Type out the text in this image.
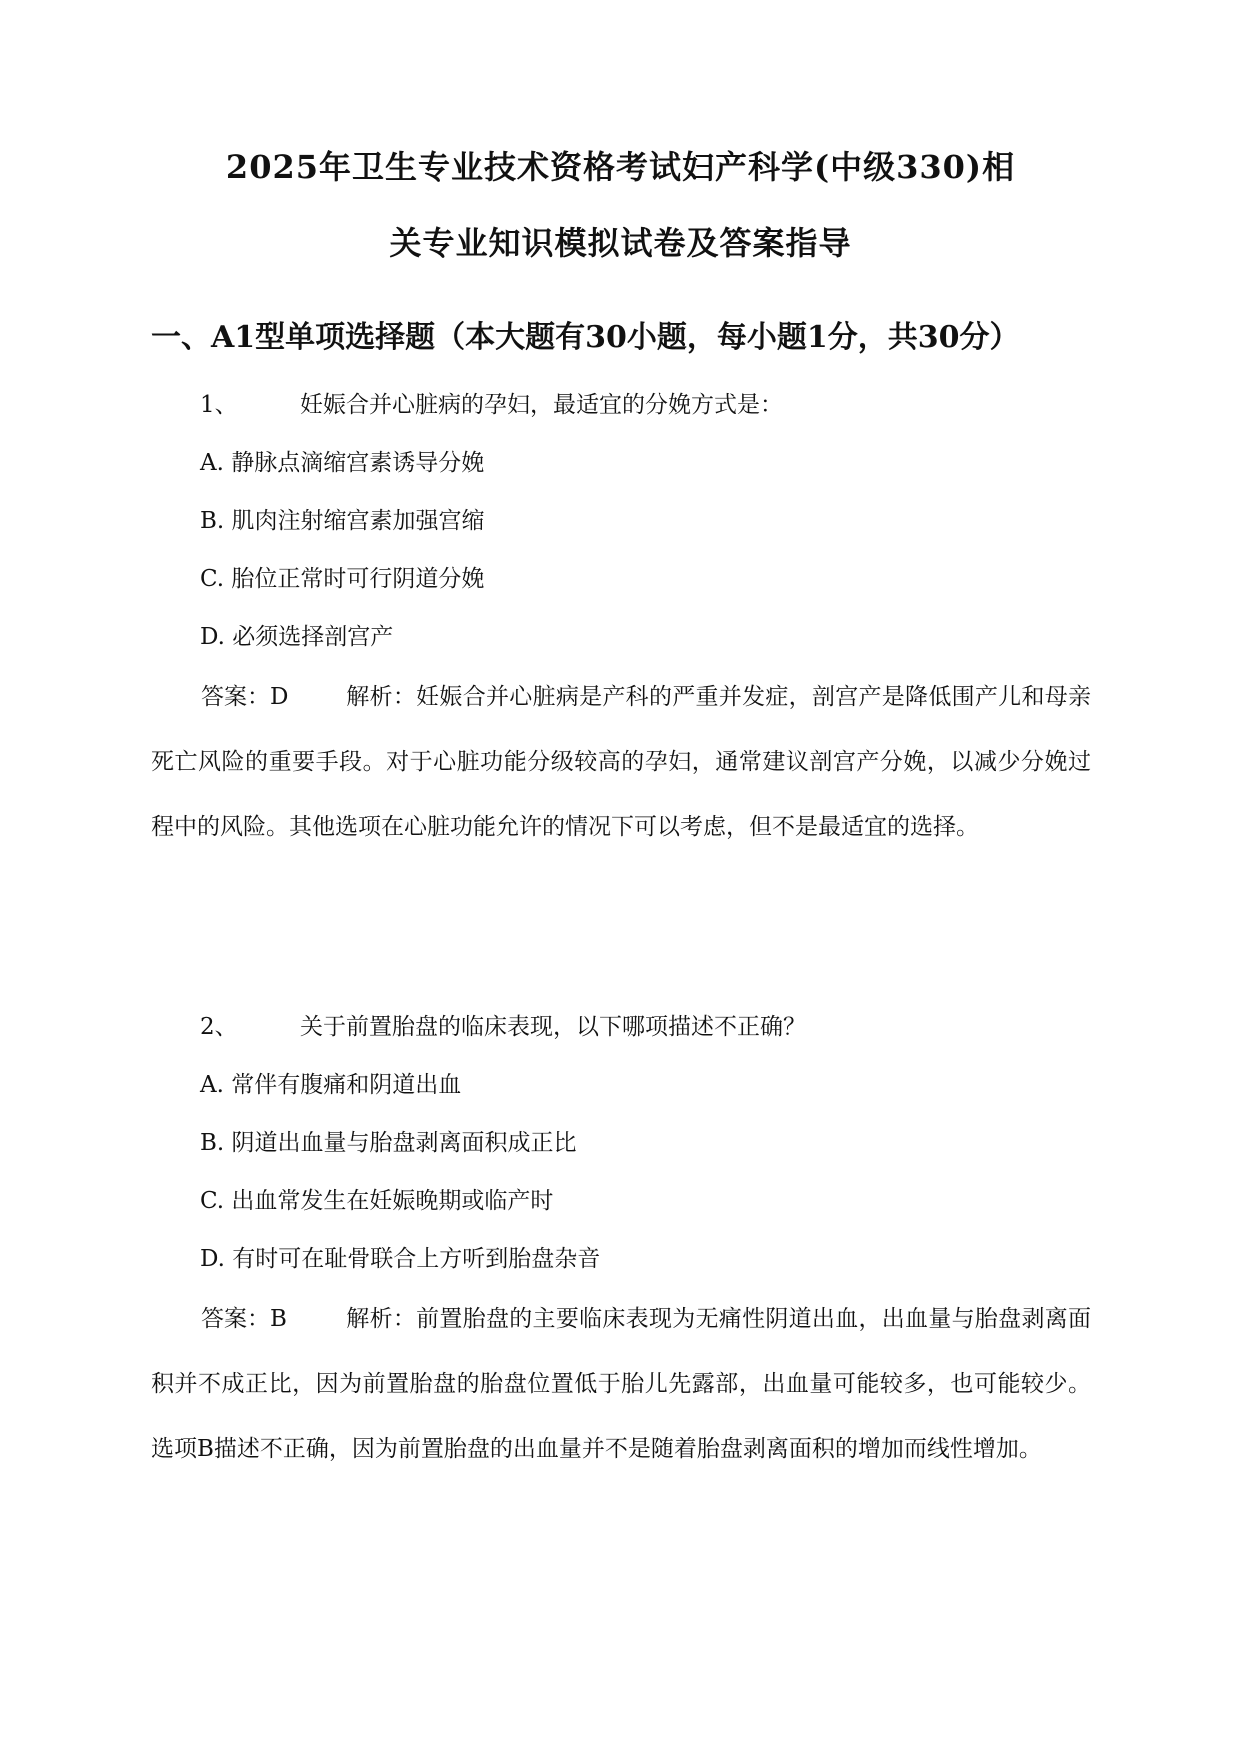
2025年卫生专业技术资格考试妇产科学(中级330)相
关专业知识模拟试卷及答案指导
一、A1型单项选择题（本大题有30小题，每小题1分，共30分）
1、	妊娠合并心脏病的孕妇，最适宜的分娩方式是：
A. 静脉点滴缩宫素诱导分娩
B. 肌肉注射缩宫素加强宫缩
C. 胎位正常时可行阴道分娩
D. 必须选择剖宫产
答案：D	解析：妊娠合并心脏病是产科的严重并发症，剖宫产是降低围产儿和母亲死亡风险的重要手段。对于心脏功能分级较高的孕妇，通常建议剖宫产分娩，以减少分娩过程中的风险。其他选项在心脏功能允许的情况下可以考虑，但不是最适宜的选择。
2、	关于前置胎盘的临床表现，以下哪项描述不正确？
A. 常伴有腹痛和阴道出血
B. 阴道出血量与胎盘剥离面积成正比
C. 出血常发生在妊娠晚期或临产时
D. 有时可在耻骨联合上方听到胎盘杂音
答案：B	解析：前置胎盘的主要临床表现为无痛性阴道出血，出血量与胎盘剥离面积并不成正比，因为前置胎盘的胎盘位置低于胎儿先露部，出血量可能较多，也可能较少。选项B描述不正确，因为前置胎盘的出血量并不是随着胎盘剥离面积的增加而线性增加。
